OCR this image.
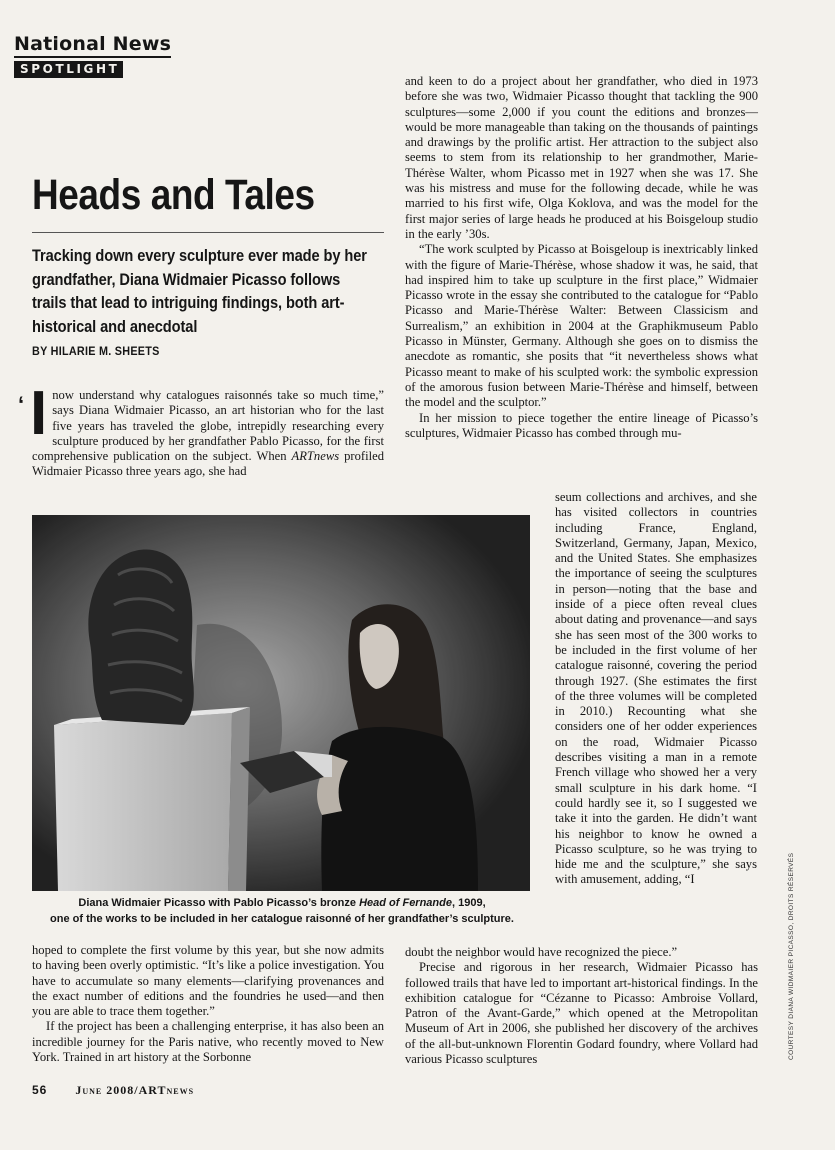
National News
SPOTLIGHT
Heads and Tales
Tracking down every sculpture ever made by her grandfather, Diana Widmaier Picasso follows trails that lead to intriguing findings, both art-historical and anecdotal
BY HILARIE M. SHEETS
‘ I now understand why catalogues raisonnés take so much time,” says Diana Widmaier Picasso, an art historian who for the last five years has traveled the globe, intrepidly researching every sculpture produced by her grandfather Pablo Picasso, for the first comprehensive publication on the subject. When ARTnews profiled Widmaier Picasso three years ago, she had

and keen to do a project about her grandfather, who died in 1973 before she was two, Widmaier Picasso thought that tackling the 900 sculptures—some 2,000 if you count the editions and bronzes—would be more manageable than taking on the thousands of paintings and drawings by the prolific artist. Her attraction to the subject also seems to stem from its relationship to her grandmother, Marie-Thérèse Walter, whom Picasso met in 1927 when she was 17. She was his mistress and muse for the following decade, while he was married to his first wife, Olga Koklova, and was the model for the first major series of large heads he produced at his Boisgeloup studio in the early ’30s.

“The work sculpted by Picasso at Boisgeloup is inextricably linked with the figure of Marie-Thérèse, whose shadow it was, he said, that had inspired him to take up sculpture in the first place,” Widmaier Picasso wrote in the essay she contributed to the catalogue for “Pablo Picasso and Marie-Thérèse Walter: Between Classicism and Surrealism,” an exhibition in 2004 at the Graphikmuseum Pablo Picasso in Münster, Germany. Although she goes on to dismiss the anecdote as romantic, she posits that “it nevertheless shows what Picasso meant to make of his sculpted work: the symbolic expression of the amorous fusion between Marie-Thérèse and himself, between the model and the sculptor.”

In her mission to piece together the entire lineage of Picasso’s sculptures, Widmaier Picasso has combed through mu-

seum collections and archives, and she has visited collectors in countries including France, England, Switzerland, Germany, Japan, Mexico, and the United States. She emphasizes the importance of seeing the sculptures in person—noting that the base and inside of a piece often reveal clues about dating and provenance—and says she has seen most of the 300 works to be included in the first volume of her catalogue raisonné, covering the period through 1927. (She estimates the first of the three volumes will be completed in 2010.) Recounting what she considers one of her odder experiences on the road, Widmaier Picasso describes visiting a man in a remote French village who showed her a very small sculpture in his dark home. “I could hardly see it, so I suggested we take it into the garden. He didn’t want his neighbor to know he owned a Picasso sculpture, so he was trying to hide me and the sculpture,” she says with amusement, adding, “I

Diana Widmaier Picasso with Pablo Picasso’s bronze Head of Fernande, 1909,
one of the works to be included in her catalogue raisonné of her grandfather’s sculpture.

hoped to complete the first volume by this year, but she now admits to having been overly optimistic. “It’s like a police investigation. You have to accumulate so many elements—clarifying provenances and the exact number of editions and the foundries he used—and then you are able to trace them together.”

If the project has been a challenging enterprise, it has also been an incredible journey for the Paris native, who recently moved to New York. Trained in art history at the Sorbonne

doubt the neighbor would have recognized the piece.”

Precise and rigorous in her research, Widmaier Picasso has followed trails that have led to important art-historical findings. In the exhibition catalogue for “Cézanne to Picasso: Ambroise Vollard, Patron of the Avant-Garde,” which opened at the Metropolitan Museum of Art in 2006, she published her discovery of the archives of the all-but-unknown Florentin Godard foundry, where Vollard had various Picasso sculptures	COURTESY DIANA WIDMAIER PICASSO, DROITS RÉSERVÉS
56 June 2008/ARTnews
